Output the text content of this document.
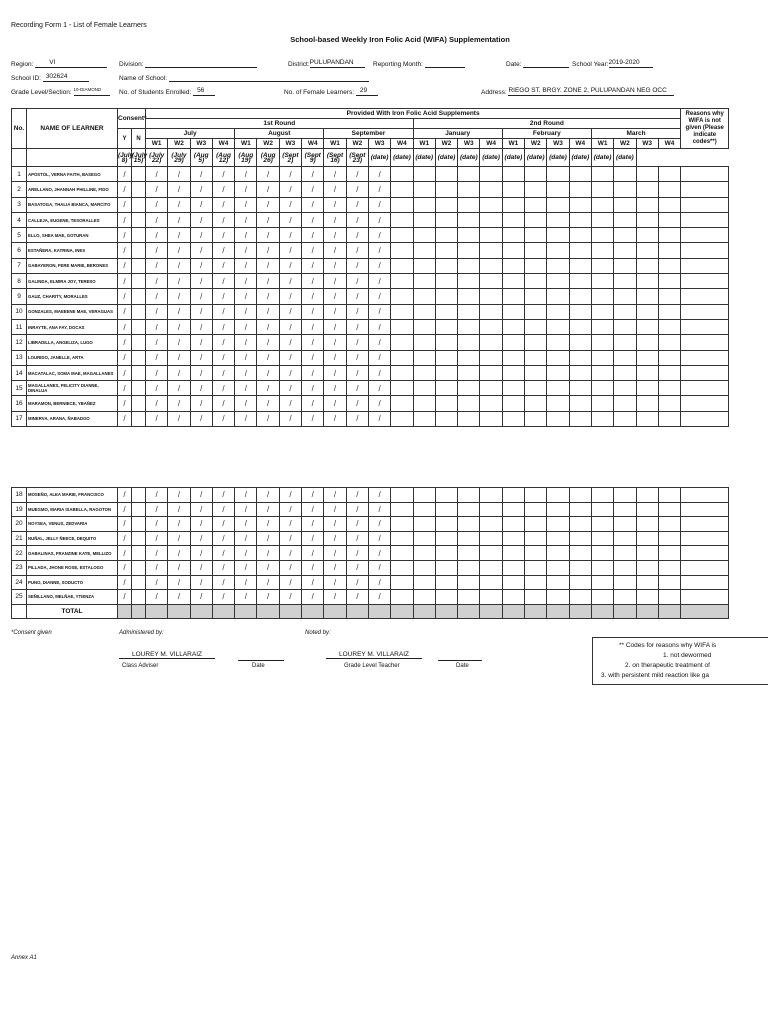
Recording Form 1 - List of Female Learners
School-based Weekly Iron Folic Acid (WIFA) Supplementation
Region: VI	Division:	District:PULUPANDAN	Reporting Month:	Date:	School Year:2019-2020
School ID: 302624	Name of School:
Grade Level/Section: 10-DIAMOND	No. of Students Enrolled: 56	No. of Female Learners: 29	Address: RIEGO ST. BRGY. ZONE 2, PULUPANDAN NEG OCC
No.	NAME OF LEARNER	Consent*		Provided With Iron Folic Acid Supplements																								Reasons why WIFA is not given (Please indicate codes**)
				1st Round												2nd Round												
		Y	N	July				August				September				January				February				March				
				W1	W2	W3	W4	W1	W2	W3	W4	W1	W2	W3	W4	W1	W2	W3	W4	W1	W2	W3	W4	W1	W2	W3	W4	
		(July 8)	(July 15)	(July 22)	(July 29)	(Aug 5)	(Aug 12)	(Aug 19)	(Aug 26)	(Sept 2)	(Sept 9)	(Sept 16)	(Sept 23)	(date)	(date)	(date)	(date)	(date)	(date)	(date)	(date)	(date)	(date)	(date)	(date)			
1	APOSTOL, VERNA FAITH, BASEGO	/		/	/	/	/	/	/	/	/	/	/	/														
2	ARELLANO, JHANNAH PHILLINE, FIDO	/		/	/	/	/	/	/	/	/	/	/	/														
3	BASATOGA, THALIA BIANCA, MARCITO	/		/	/	/	/	/	/	/	/	/	/	/														
4	CALLEJA, EUGENE, TESORALLES	/		/	/	/	/	/	/	/	/	/	/	/														
5	ELLO, SHEA MAE, GOTURAN	/		/	/	/	/	/	/	/	/	/	/	/														
6	ESTAÑERA, KATRINA, INES	/		/	/	/	/	/	/	/	/	/	/	/														
7	GABAYERON, FERE MARIE, BERONES	/		/	/	/	/	/	/	/	/	/	/	/														
8	GALINDA, ELMIRA JOY, TERESO	/		/	/	/	/	/	/	/	/	/	/	/														
9	GAUZ, CHARITY, MORALLES	/		/	/	/	/	/	/	/	/	/	/	/														
10	GONZALES, MAEEENE MAE, VERAGUAS	/		/	/	/	/	/	/	/	/	/	/	/														
11	INRAYTE, ANA FAY, DOCAS	/		/	/	/	/	/	/	/	/	/	/	/														
12	LIBRADILLA, ANGELIZA, LUGO	/		/	/	/	/	/	/	/	/	/	/	/														
13	LOURIDO, JANELLE, ARTA	/		/	/	/	/	/	/	/	/	/	/	/														
14	MACATALAC, SOMA MAE, MAGALLANES	/		/	/	/	/	/	/	/	/	/	/	/														
15	MAGALLANES, FELICITY DIANNE, DINALUA	/		/	/	/	/	/	/	/	/	/	/	/														
16	MARAMON, BERNIECE, YBAÑEZ	/		/	/	/	/	/	/	/	/	/	/	/														
17	MINERVA, ARANA, ÑABADGO	/		/	/	/	/	/	/	/	/	/	/	/														
18	MOSEÑO, ALEA MARIE, FRANCISCO	/		/	/	/	/	/	/	/	/	/	/	/														
19	MUEGMO, MARIA ISABELLA, RAGOTON	/		/	/	/	/	/	/	/	/	/	/	/														
20	NOYSEA, VENUS, ZEDVARIA	/		/	/	/	/	/	/	/	/	/	/	/														
21	NUÑAL, JELLY ÑEECE, DEQUITO	/		/	/	/	/	/	/	/	/	/	/	/														
22	OABALINAS, FRANZINE KATE, MELLIZO	/		/	/	/	/	/	/	/	/	/	/	/														
23	PILLADA, JHONE ROSE, ESTALOGO	/		/	/	/	/	/	/	/	/	/	/	/														
24	PUNO, DIANNE, SODUCTO	/		/	/	/	/	/	/	/	/	/	/	/														
25	SEÑILLANO, MELÑAE, YTIENZA	/		/	/	/	/	/	/	/	/	/	/	/														
	TOTAL																											
*Consent given	Administered by:	Noted by:
LOUREY M. VILLARAIZ
Class Adviser	Date
LOUREY M. VILLARAIZ
Grade Level Teacher	Date
** Codes for reasons why WIFA is
1. not dewormed
2. on therapeutic treatment of
3. with persistent mild reaction like ga
Annex A1
